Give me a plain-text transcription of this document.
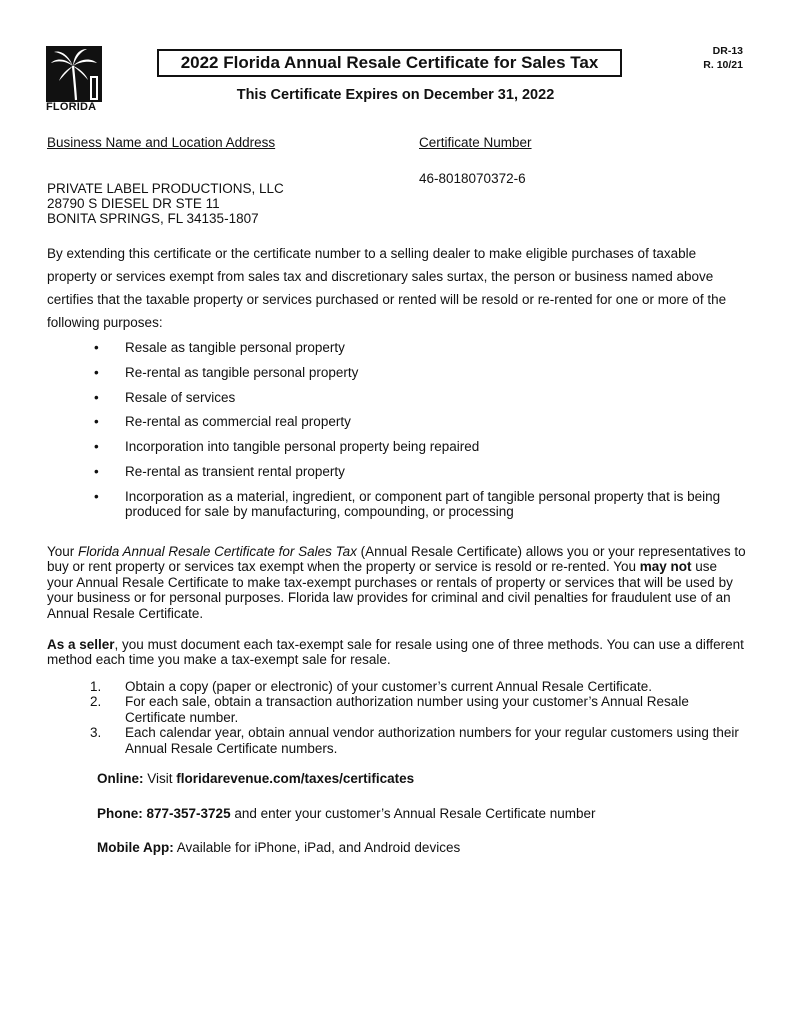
FLORIDA
2022 Florida Annual Resale Certificate for Sales Tax
DR-13
R. 10/21
This Certificate Expires on December 31, 2022
Business Name and Location Address	Certificate Number
46-8018070372-6
PRIVATE LABEL PRODUCTIONS, LLC
28790 S DIESEL DR STE 11
BONITA SPRINGS, FL 34135-1807
By extending this certificate or the certificate number to a selling dealer to make eligible purchases of taxable property or services exempt from sales tax and discretionary sales surtax, the person or business named above certifies that the taxable property or services purchased or rented will be resold or re-rented for one or more of the following purposes:
• Resale as tangible personal property
• Re-rental as tangible personal property
• Resale of services
• Re-rental as commercial real property
• Incorporation into tangible personal property being repaired
• Re-rental as transient rental property
• Incorporation as a material, ingredient, or component part of tangible personal property that is being produced for sale by manufacturing, compounding, or processing
Your Florida Annual Resale Certificate for Sales Tax (Annual Resale Certificate) allows you or your representatives to buy or rent property or services tax exempt when the property or service is resold or re-rented. You may not use your Annual Resale Certificate to make tax-exempt purchases or rentals of property or services that will be used by your business or for personal purposes. Florida law provides for criminal and civil penalties for fraudulent use of an Annual Resale Certificate.
As a seller, you must document each tax-exempt sale for resale using one of three methods. You can use a different method each time you make a tax-exempt sale for resale.
1. Obtain a copy (paper or electronic) of your customer’s current Annual Resale Certificate.
2. For each sale, obtain a transaction authorization number using your customer’s Annual Resale Certificate number.
3. Each calendar year, obtain annual vendor authorization numbers for your regular customers using their Annual Resale Certificate numbers.
Online: Visit floridarevenue.com/taxes/certificates
Phone: 877-357-3725 and enter your customer’s Annual Resale Certificate number
Mobile App: Available for iPhone, iPad, and Android devices
